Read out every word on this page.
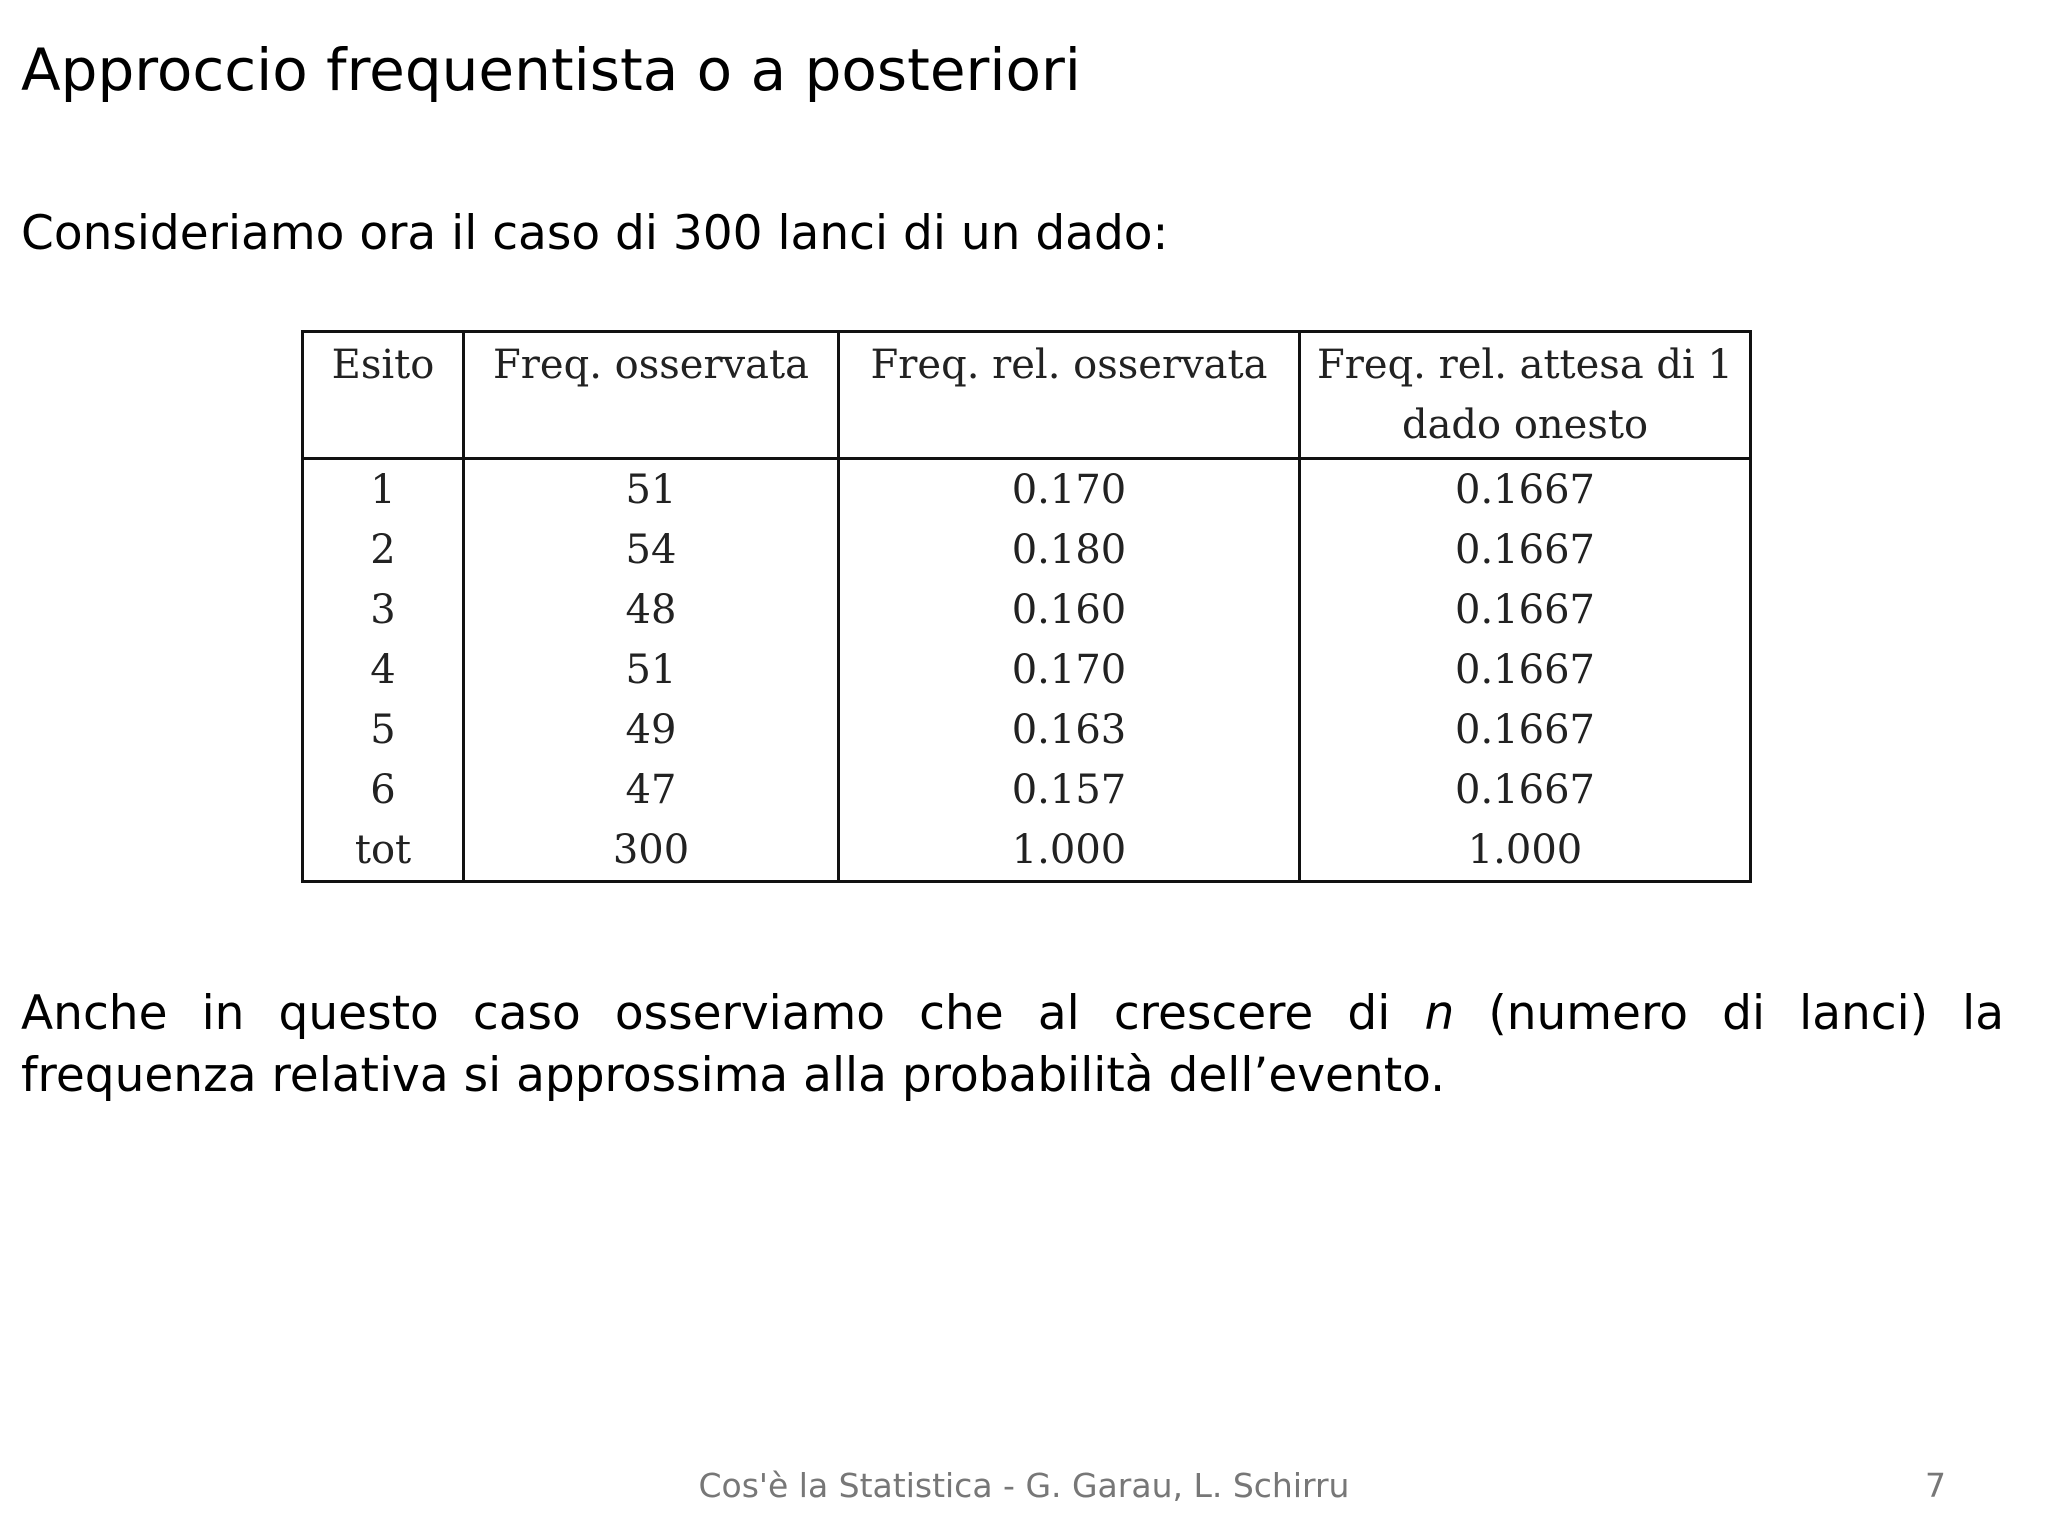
Approccio frequentista o a posteriori
Consideriamo ora il caso di 300 lanci di un dado:
Esito	Freq. osservata	Freq. rel. osservata	Freq. rel. attesa di 1 dado onesto
1	51	0.170	0.1667
2	54	0.180	0.1667
3	48	0.160	0.1667
4	51	0.170	0.1667
5	49	0.163	0.1667
6	47	0.157	0.1667
tot	300	1.000	1.000
Anche in questo caso osserviamo che al crescere di n (numero di lanci) la frequenza relativa si approssima alla probabilità dell’evento.
Cos'è la Statistica - G. Garau, L. Schirru	7
